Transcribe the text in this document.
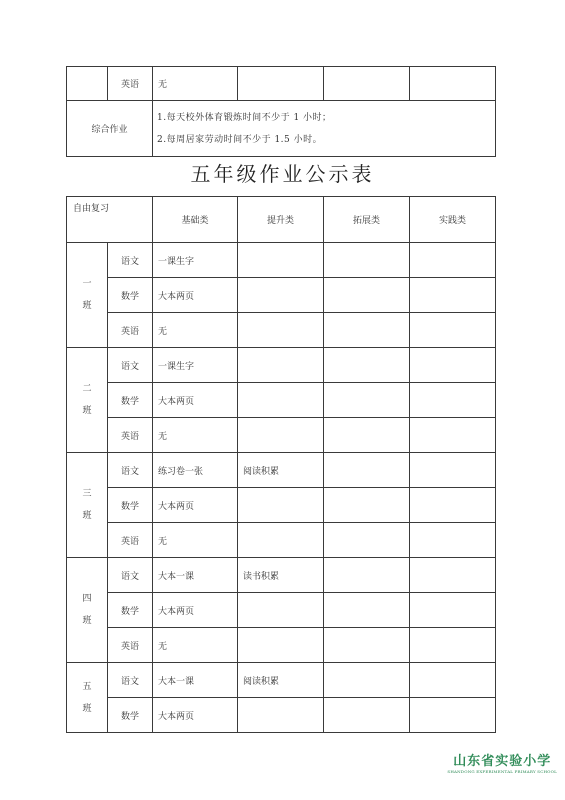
	英语	无			
综合作业		1.每天校外体育锻炼时间不少于 1 小时；
2.每周居家劳动时间不少于 1.5 小时。			
五年级作业公示表
自由复习		基础类	提升类	拓展类	实践类

一
班	语文	一课生字			
	数学	大本两页			
	英语	无			

二
班	语文	一课生字			
	数学	大本两页			
	英语	无			

三
班	语文	练习卷一张	阅读积累		
	数学	大本两页			
	英语	无			

四
班	语文	大本一课	读书积累		
	数学	大本两页			
	英语	无			

五
班	语文	大本一课	阅读积累		
	数学	大本两页			
山东省实验小学
SHANDONG EXPERIMENTAL PRIMARY SCHOOL
